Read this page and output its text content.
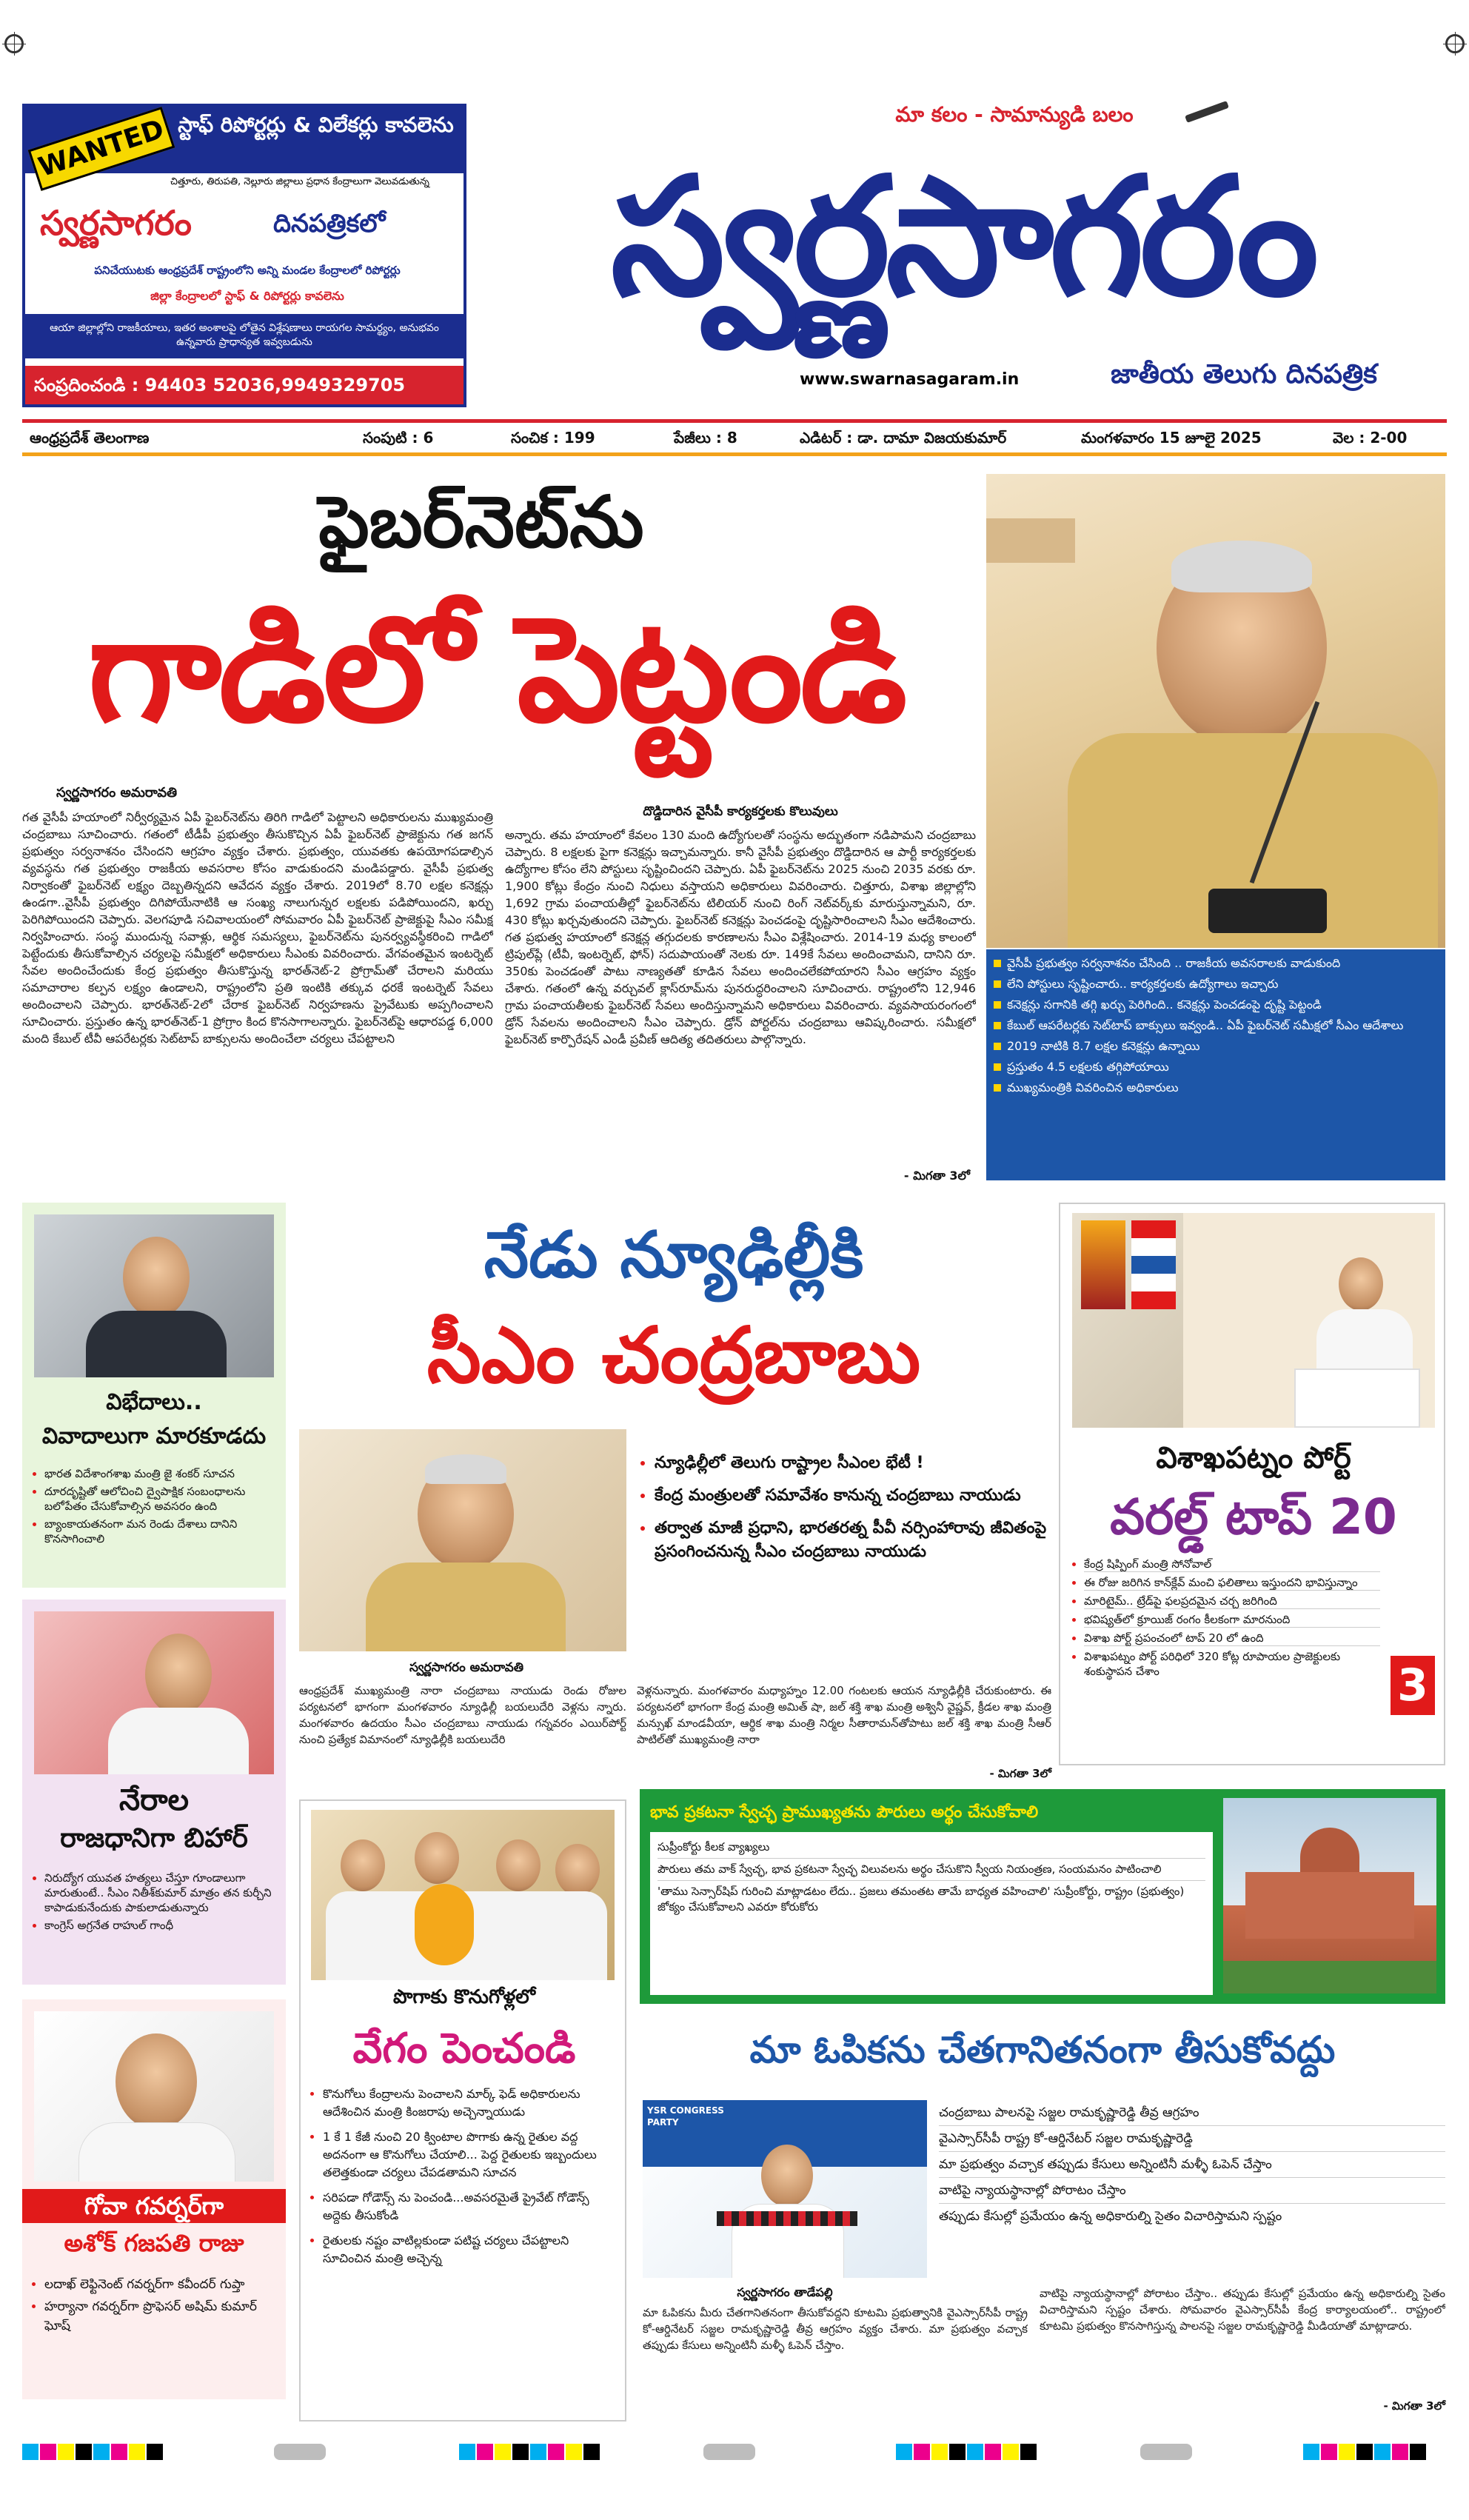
WANTED స్టాఫ్ రిపోర్టర్లు & విలేకర్లు కావలెను
చిత్తూరు, తిరుపతి, నెల్లూరు జిల్లాలు ప్రధాన కేంద్రాలుగా వెలువడుతున్న
స్వర్ణసాగరం	దినపత్రికలో
పనిచేయుటకు ఆంధ్రప్రదేశ్ రాష్ట్రంలోని అన్ని మండల కేంద్రాలలో రిపోర్టర్లు
జిల్లా కేంద్రాలలో స్టాఫ్ & రిపోర్టర్లు కావలెను
ఆయా జిల్లాల్లోని రాజకీయాలు, ఇతర అంశాలపై లోతైన విశ్లేషణాలు రాయగల సామర్థ్యం, అనుభవం ఉన్నవారు ప్రాధాన్యత ఇవ్వబడును
సంప్రదించండి : 94403 52036,9949329705
మా కలం - సామాన్యుడి బలం
స్వర్ణసాగరం
www.swarnasagaram.in	జాతీయ తెలుగు దినపత్రిక
ఆంధ్రప్రదేశ్ తెలంగాణ	సంపుటి : 6	సంచిక : 199	పేజీలు : 8	ఎడిటర్ : డా. దామా విజయకుమార్	మంగళవారం 15 జూలై 2025	వెల : 2-00
ఫైబర్‌నెట్‌ను
గాడిలో పెట్టండి
స్వర్ణసాగరం అమరావతి
గత వైసీపీ హయాంలో నిర్వీర్యమైన ఏపీ ఫైబర్‌నెట్‌ను తిరిగి గాడిలో పెట్టాలని అధికారులను ముఖ్యమంత్రి చంద్రబాబు సూచించారు. గతంలో టీడీపీ ప్రభుత్వం తీసుకొచ్చిన ఏపీ ఫైబర్‌నెట్ ప్రాజెక్టును గత జగన్ ప్రభుత్వం సర్వనాశనం చేసిందని ఆగ్రహం వ్యక్తం చేశారు. ప్రభుత్వం, యువతకు ఉపయోగపడాల్సిన వ్యవస్థను గత ప్రభుత్వం రాజకీయ అవసరాల కోసం వాడుకుందని మండిపడ్డారు. వైసీపీ ప్రభుత్వ నిర్వాకంతో ఫైబర్‌నెట్ లక్ష్యం దెబ్బతిన్నదని ఆవేదన వ్యక్తం చేశారు. 2019లో 8.70 లక్షల కనెక్షన్లు ఉండగా..వైసీపీ ప్రభుత్వం దిగిపోయేనాటికి ఆ సంఖ్య నాలుగున్నర లక్షలకు పడిపోయిందని, ఖర్చు పెరిగిపోయిందని చెప్పారు. వెలగపూడి సచివాలయంలో సోమవారం ఏపీ ఫైబర్‌నెట్ ప్రాజెక్టుపై సీఎం సమీక్ష నిర్వహించారు. సంస్థ ముందున్న సవాళ్లు, ఆర్థిక సమస్యలు, ఫైబర్‌నెట్‌ను పునర్వ్యవస్థీకరించి గాడిలో పెట్టేందుకు తీసుకోవాల్సిన చర్యలపై సమీక్షలో అధికారులు సీఎంకు వివరించారు. వేగవంతమైన ఇంటర్నెట్ సేవల అందించేందుకు కేంద్ర ప్రభుత్వం తీసుకొస్తున్న భారత్‌నెట్-2 ప్రోగ్రామ్‌తో చేరాలని మరియు సమాచారాల కల్పన లక్ష్యం ఉండాలని, రాష్ట్రంలోని ప్రతి ఇంటికి తక్కువ ధరకే ఇంటర్నెట్ సేవలు అందించాలని చెప్పారు. భారత్‌నెట్-2లో చేరాక ఫైబర్‌నెట్ నిర్వహణను ప్రైవేటుకు అప్పగించాలని సూచించారు. ప్రస్తుతం ఉన్న భారత్‌నెట్-1 ప్రోగ్రాం కింద కొనసాగాలన్నారు. ఫైబర్‌నెట్‌పై ఆధారపడ్డ 6,000 మంది కేబుల్ టీవీ ఆపరేటర్లకు సెట్‌టాప్ బాక్సులను అందించేలా చర్యలు చేపట్టాలని
దొడ్డిదారిన వైసీపీ కార్యకర్తలకు కొలువులు
అన్నారు. తమ హయాంలో కేవలం 130 మంది ఉద్యోగులతో సంస్థను అద్భుతంగా నడిపామని చంద్రబాబు చెప్పారు. 8 లక్షలకు పైగా కనెక్షన్లు ఇచ్చామన్నారు. కానీ వైసీపీ ప్రభుత్వం దొడ్డిదారిన ఆ పార్టీ కార్యకర్తలకు ఉద్యోగాల కోసం లేని పోస్టులు సృష్టించిందని చెప్పారు. ఏపీ ఫైబర్‌నెట్‌ను 2025 నుంచి 2035 వరకు రూ. 1,900 కోట్లు కేంద్రం నుంచి నిధులు వస్తాయని అధికారులు వివరించారు. చిత్తూరు, విశాఖ జిల్లాల్లోని 1,692 గ్రామ పంచాయతీల్లో ఫైబర్‌నెట్‌ను టిలియర్ నుంచి రింగ్ నెట్‌వర్క్‌కు మారుస్తున్నామని, రూ. 430 కోట్లు ఖర్చవుతుందని చెప్పారు. ఫైబర్‌నెట్ కనెక్షన్లు పెంచడంపై దృష్టిసారించాలని సీఎం ఆదేశించారు. గత ప్రభుత్వ హయాంలో కనెక్షన్ల తగ్గుదలకు కారణాలను సీఎం విశ్లేషించారు. 2014-19 మధ్య కాలంలో ట్రిపుల్‌ప్లే (టీవీ, ఇంటర్నెట్, ఫోన్) సదుపాయంతో నెలకు రూ. 149కే సేవలు అందించామని, దానిని రూ. 350కు పెంచడంతో పాటు నాణ్యతతో కూడిన సేవలు అందించలేకపోయారని సీఎం ఆగ్రహం వ్యక్తం చేశారు. గతంలో ఉన్న వర్చువల్ క్లాస్‌రూమ్‌ను పునరుద్ధరించాలని సూచించారు. రాష్ట్రంలోని 12,946 గ్రామ పంచాయతీలకు ఫైబర్‌నెట్ సేవలు అందిస్తున్నామని అధికారులు వివరించారు. వ్యవసాయరంగంలో డ్రోన్ సేవలను అందించాలని సీఎం చెప్పారు. డ్రోన్ పోర్టల్‌ను చంద్రబాబు ఆవిష్కరించారు. సమీక్షలో ఫైబర్‌నెట్ కార్పొరేషన్ ఎండీ ప్రవీణ్ ఆదిత్య తదితరులు పాల్గొన్నారు.
- మిగతా 3లో
వైసీపీ ప్రభుత్వం సర్వనాశనం చేసింది .. రాజకీయ అవసరాలకు వాడుకుంది
లేని పోస్టులు సృష్టించారు.. కార్యకర్తలకు ఉద్యోగాలు ఇచ్చారు
కనెక్షన్లు సగానికి తగ్గి ఖర్చు పెరిగింది.. కనెక్షన్లు పెంచడంపై దృష్టి పెట్టండి
కేబుల్ ఆపరేటర్లకు సెట్‌టాప్ బాక్సులు ఇవ్వండి.. ఏపీ ఫైబర్‌నెట్ సమీక్షలో సీఎం ఆదేశాలు
2019 నాటికి 8.7 లక్షల కనెక్షన్లు ఉన్నాయి
ప్రస్తుతం 4.5 లక్షలకు తగ్గిపోయాయి
ముఖ్యమంత్రికి వివరించిన అధికారులు
విభేదాలు..
వివాదాలుగా మారకూడదు
• భారత విదేశాంగశాఖ మంత్రి జై శంకర్ సూచన
• దూరదృష్టితో ఆలోచించి ద్వైపాక్షిక సంబంధాలను బలోపేతం చేసుకోవాల్సిన అవసరం ఉంది
• బ్యాంకాయతనంగా మన రెండు దేశాలు దానిని కొనసాగించాలి
నేరాల
రాజధానిగా బిహార్
• నిరుద్యోగ యువత హత్యలు చేస్తూ గూండాలుగా మారుతుంటే.. సీఎం నితీశ్‌కుమార్ మాత్రం తన కుర్చీని కాపాడుకునేందుకు పాకులాడుతున్నారు
• కాంగ్రెస్ అగ్రనేత రాహుల్ గాంధీ
గోవా గవర్నర్‌గా
అశోక్ గజపతి రాజు
• లదాఖ్ లెఫ్టినెంట్ గవర్నర్‌గా కవీందర్ గుప్తా
• హర్యానా గవర్నర్‌గా ప్రొఫెసర్ అషిమ్ కుమార్ ఘోష్
నేడు న్యూఢిల్లీకి
సీఎం చంద్రబాబు
• న్యూఢిల్లీలో తెలుగు రాష్ట్రాల సీఎంల భేటీ !
• కేంద్ర మంత్రులతో సమావేశం కానున్న చంద్రబాబు నాయుడు
• తర్వాత మాజీ ప్రధాని, భారతరత్న పీవీ నర్సింహారావు జీవితంపై ప్రసంగించనున్న సీఎం చంద్రబాబు నాయుడు
స్వర్ణసాగరం అమరావతి
ఆంధ్రప్రదేశ్ ముఖ్యమంత్రి నారా చంద్రబాబు నాయుడు రెండు రోజుల పర్యటనలో భాగంగా మంగళవారం న్యూఢిల్లీ బయలుదేరి వెళ్లను న్నారు. మంగళవారం ఉదయం సీఎం చంద్రబాబు నాయుడు గన్నవరం ఎయిర్‌పోర్ట్ నుంచి ప్రత్యేక విమానంలో న్యూఢిల్లీకి బయలుదేరి
వెళ్లనున్నారు. మంగళవారం మధ్యాహ్నం 12.00 గంటలకు ఆయన న్యూఢిల్లీకి చేరుకుంటారు. ఈ పర్యటనలో భాగంగా కేంద్ర మంత్రి అమిత్ షా, జల్ శక్తి శాఖ మంత్రి అశ్వినీ వైష్ణవ్, క్రీడల శాఖ మంత్రి మన్సుఖ్ మాండవీయా, ఆర్థిక శాఖ మంత్రి నిర్మల సీతారామన్‌తోపాటు జల్ శక్తి శాఖ మంత్రి సీఆర్ పాటిల్‌తో ముఖ్యమంత్రి నారా
- మిగతా 3లో
విశాఖపట్నం పోర్ట్
వరల్డ్ టాప్ 20
• కేంద్ర షిప్పింగ్ మంత్రి సోనోవాల్
• ఈ రోజు జరిగిన కాన్‌క్లేవ్ మంచి ఫలితాలు ఇస్తుందని భావిస్తున్నాం
• మారిటైమ్.. ట్రేడ్‌పై ఫలప్రదమైన చర్చ జరిగింది
• భవిష్యత్‌లో క్రూయిజ్ రంగం కీలకంగా మారనుంది
• విశాఖ పోర్ట్ ప్రపంచంలో టాప్ 20 లో ఉంది
• విశాఖపట్నం పోర్ట్ పరిధిలో 320 కోట్ల రూపాయల ప్రాజెక్టులకు శంకుస్థాపన చేశాం	3
పొగాకు కొనుగోళ్లలో
వేగం పెంచండి
• కొనుగోలు కేంద్రాలను పెంచాలని మార్క్ ఫెడ్ అధికారులను ఆదేశించిన మంత్రి కింజరాపు అచ్చెన్నాయుడు
• 1 కే 1 కేజీ నుంచి 20 క్వింటాల పొగాకు ఉన్న రైతుల వద్ద అదనంగా ఆ కొనుగోలు చేయాలి... పెద్ద రైతులకు ఇబ్బందులు తలెత్తకుండా చర్యలు చేపడతామని సూచన
• సరిపడా గోడౌన్స్ ను పెంచండి...అవసరమైతే ప్రైవేట్ గోడౌన్స్ అద్దెకు తీసుకోండి
• రైతులకు నష్టం వాటిల్లకుండా పటిష్ట చర్యలు చేపట్టాలని సూచించిన మంత్రి అచ్చెన్న
భావ ప్రకటనా స్వేచ్ఛ ప్రాముఖ్యతను పౌరులు అర్థం చేసుకోవాలి
సుప్రీంకోర్టు కీలక వ్యాఖ్యలు
పౌరులు తమ వాక్ స్వేచ్ఛ, భావ ప్రకటనా స్వేచ్ఛ విలువలను అర్థం చేసుకొని స్వీయ నియంత్రణ, సంయమనం పాటించాలి
'తాము సెన్సార్‌షిప్ గురించి మాట్లాడటం లేదు.. ప్రజలు తమంతట తామే బాధ్యత వహించాలి' సుప్రీంకోర్టు, రాష్ట్రం (ప్రభుత్వం) జోక్యం చేసుకోవాలని ఎవరూ కోరుకోరు
మా ఓపికను చేతగానితనంగా తీసుకోవద్దు
YSR CONGRESS PARTY
చంద్రబాబు పాలనపై సజ్జల రామకృష్ణారెడ్డి తీవ్ర ఆగ్రహం
వైఎస్సార్‌సీపీ రాష్ట్ర కో-ఆర్డినేటర్ సజ్జల రామకృష్ణారెడ్డి
మా ప్రభుత్వం వచ్చాక తప్పుడు కేసులు అన్నింటినీ మళ్ళీ ఓపెన్ చేస్తాం
వాటిపై న్యాయస్థానాల్లో పోరాటం చేస్తాం
తప్పుడు కేసుల్లో ప్రమేయం ఉన్న అధికారుల్ని సైతం విచారిస్తామని స్పష్టం
స్వర్ణసాగరం తాడేపల్లి
మా ఓపికను మీరు చేతగానితనంగా తీసుకోవద్దని కూటమి ప్రభుత్వానికి వైఎస్సార్‌సీపీ రాష్ట్ర కో-ఆర్డినేటర్ సజ్జల రామకృష్ణారెడ్డి తీవ్ర ఆగ్రహం వ్యక్తం చేశారు. మా ప్రభుత్వం వచ్చాక తప్పుడు కేసులు అన్నింటినీ మళ్ళీ ఓపెన్ చేస్తాం.
వాటిపై న్యాయస్థానాల్లో పోరాటం చేస్తాం.. తప్పుడు కేసుల్లో ప్రమేయం ఉన్న అధికారుల్ని సైతం విచారిస్తామని స్పష్టం చేశారు. సోమవారం వైఎస్సార్‌సీపీ కేంద్ర కార్యాలయంలో.. రాష్ట్రంలో కూటమి ప్రభుత్వం కొనసాగిస్తున్న పాలనపై సజ్జల రామకృష్ణారెడ్డి మీడియాతో మాట్లాడారు.
- మిగతా 3లో
